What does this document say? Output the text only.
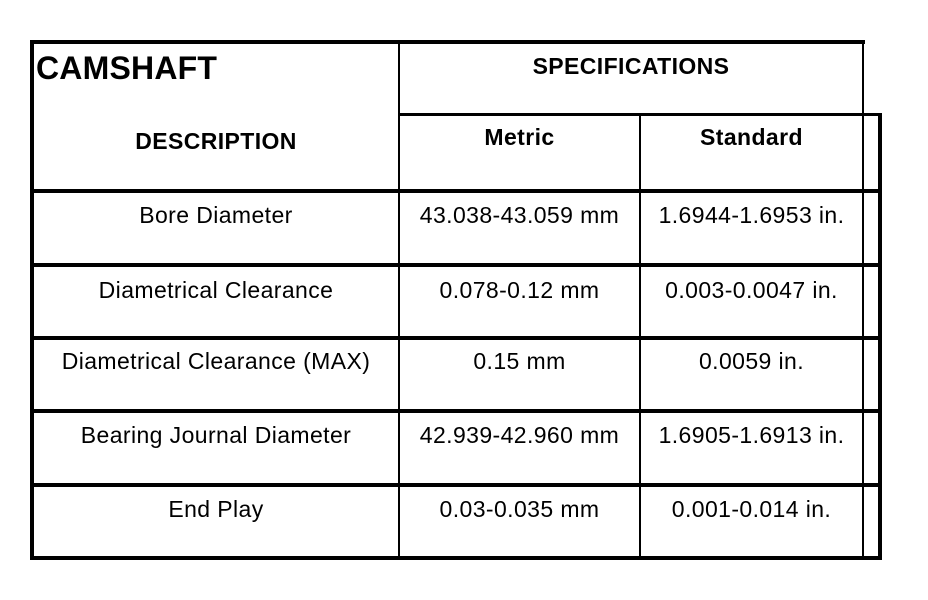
CAMSHAFT	SPECIFICATIONS
DESCRIPTION	Metric	Standard
Bore Diameter	43.038-43.059 mm	1.6944-1.6953 in.
Diametrical Clearance	0.078-0.12 mm	0.003-0.0047 in.
Diametrical Clearance (MAX)	0.15 mm	0.0059 in.
Bearing Journal Diameter	42.939-42.960 mm	1.6905-1.6913 in.
End Play	0.03-0.035 mm	0.001-0.014 in.
